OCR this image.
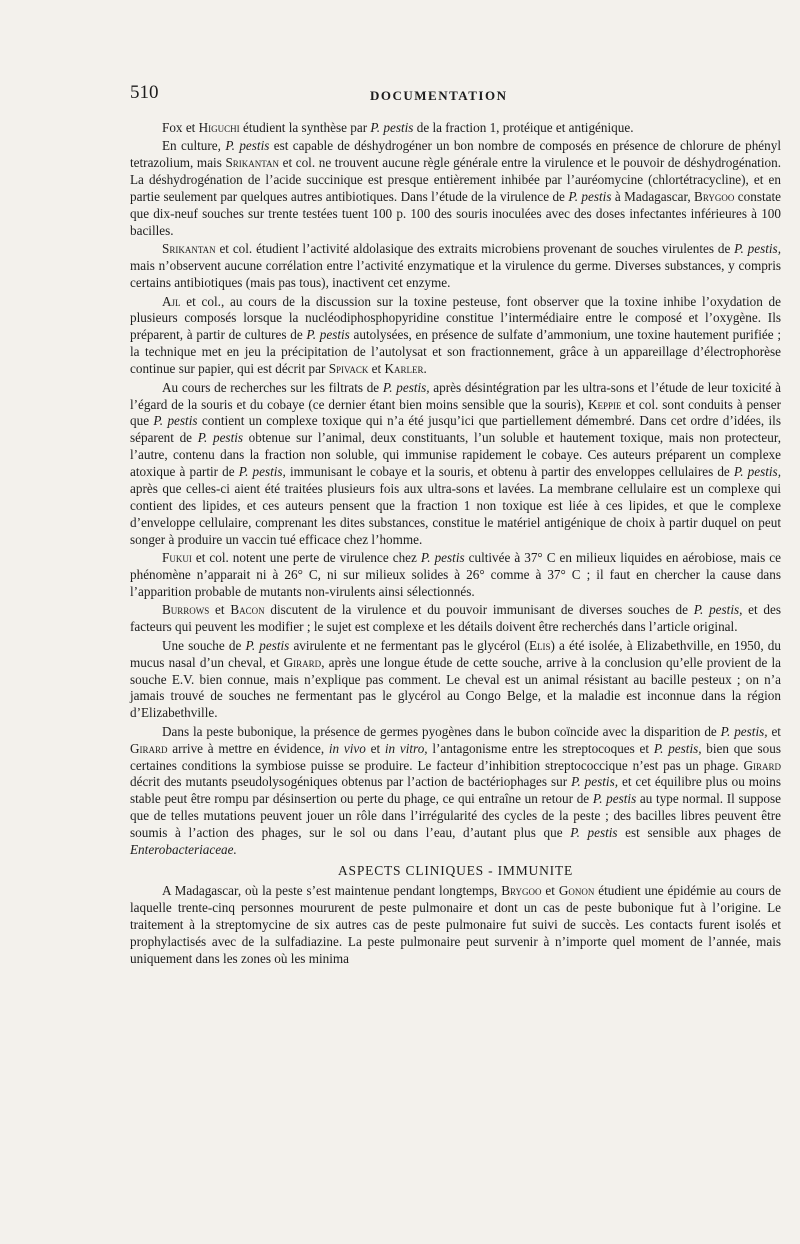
510	DOCUMENTATION

Fox et Higuchi étudient la synthèse par P. pestis de la fraction 1, protéique et antigénique.

En culture, P. pestis est capable de déshydrogéner un bon nombre de composés en présence de chlorure de phényl tetrazolium, mais Srikantan et col. ne trouvent aucune règle générale entre la virulence et le pouvoir de déshydrogénation. La déshydrogénation de l’acide succinique est presque entièrement inhibée par l’auréomycine (chlortétracycline), et en partie seulement par quelques autres antibiotiques. Dans l’étude de la virulence de P. pestis à Madagascar, Brygoo constate que dix-neuf souches sur trente testées tuent 100 p. 100 des souris inoculées avec des doses infectantes inférieures à 100 bacilles.

Srikantan et col. étudient l’activité aldolasique des extraits microbiens provenant de souches virulentes de P. pestis, mais n’observent aucune corrélation entre l’activité enzymatique et la virulence du germe. Diverses substances, y compris certains antibiotiques (mais pas tous), inactivent cet enzyme.

Ajl et col., au cours de la discussion sur la toxine pesteuse, font observer que la toxine inhibe l’oxydation de plusieurs composés lorsque la nucléodiphosphopyridine constitue l’intermédiaire entre le composé et l’oxygène. Ils préparent, à partir de cultures de P. pestis autolysées, en présence de sulfate d’ammonium, une toxine hautement purifiée ; la technique met en jeu la précipitation de l’autolysat et son fractionnement, grâce à un appareillage d’électrophorèse continue sur papier, qui est décrit par Spivack et Karler.

Au cours de recherches sur les filtrats de P. pestis, après désintégration par les ultra-sons et l’étude de leur toxicité à l’égard de la souris et du cobaye (ce dernier étant bien moins sensible que la souris), Keppie et col. sont conduits à penser que P. pestis contient un complexe toxique qui n’a été jusqu’ici que partiellement démembré. Dans cet ordre d’idées, ils séparent de P. pestis obtenue sur l’animal, deux constituants, l’un soluble et hautement toxique, mais non protecteur, l’autre, contenu dans la fraction non soluble, qui immunise rapidement le cobaye. Ces auteurs préparent un complexe atoxique à partir de P. pestis, immunisant le cobaye et la souris, et obtenu à partir des enveloppes cellulaires de P. pestis, après que celles-ci aient été traitées plusieurs fois aux ultra-sons et lavées. La membrane cellulaire est un complexe qui contient des lipides, et ces auteurs pensent que la fraction 1 non toxique est liée à ces lipides, et que le complexe d’enveloppe cellulaire, comprenant les dites substances, constitue le matériel antigénique de choix à partir duquel on peut songer à produire un vaccin tué efficace chez l’homme.

Fukui et col. notent une perte de virulence chez P. pestis cultivée à 37° C en milieux liquides en aérobiose, mais ce phénomène n’apparait ni à 26° C, ni sur milieux solides à 26° comme à 37° C ; il faut en chercher la cause dans l’apparition probable de mutants non-virulents ainsi sélectionnés.

Burrows et Bacon discutent de la virulence et du pouvoir immunisant de diverses souches de P. pestis, et des facteurs qui peuvent les modifier ; le sujet est complexe et les détails doivent être recherchés dans l’article original.

Une souche de P. pestis avirulente et ne fermentant pas le glycérol (Elis) a été isolée, à Elizabethville, en 1950, du mucus nasal d’un cheval, et Girard, après une longue étude de cette souche, arrive à la conclusion qu’elle provient de la souche E.V. bien connue, mais n’explique pas comment. Le cheval est un animal résistant au bacille pesteux ; on n’a jamais trouvé de souches ne fermentant pas le glycérol au Congo Belge, et la maladie est inconnue dans la région d’Elizabethville.

Dans la peste bubonique, la présence de germes pyogènes dans le bubon coïncide avec la disparition de P. pestis, et Girard arrive à mettre en évidence, in vivo et in vitro, l’antagonisme entre les streptocoques et P. pestis, bien que sous certaines conditions la symbiose puisse se produire. Le facteur d’inhibition streptococcique n’est pas un phage. Girard décrit des mutants pseudolysogéniques obtenus par l’action de bactériophages sur P. pestis, et cet équilibre plus ou moins stable peut être rompu par désinsertion ou perte du phage, ce qui entraîne un retour de P. pestis au type normal. Il suppose que de telles mutations peuvent jouer un rôle dans l’irrégularité des cycles de la peste ; des bacilles libres peuvent être soumis à l’action des phages, sur le sol ou dans l’eau, d’autant plus que P. pestis est sensible aux phages de Enterobacteriaceae.

ASPECTS CLINIQUES - IMMUNITE

A Madagascar, où la peste s’est maintenue pendant longtemps, Brygoo et Gonon étudient une épidémie au cours de laquelle trente-cinq personnes moururent de peste pulmonaire et dont un cas de peste bubonique fut à l’origine. Le traitement à la streptomycine de six autres cas de peste pulmonaire fut suivi de succès. Les contacts furent isolés et prophylactisés avec de la sulfadiazine. La peste pulmonaire peut survenir à n’importe quel moment de l’année, mais uniquement dans les zones où les minima
